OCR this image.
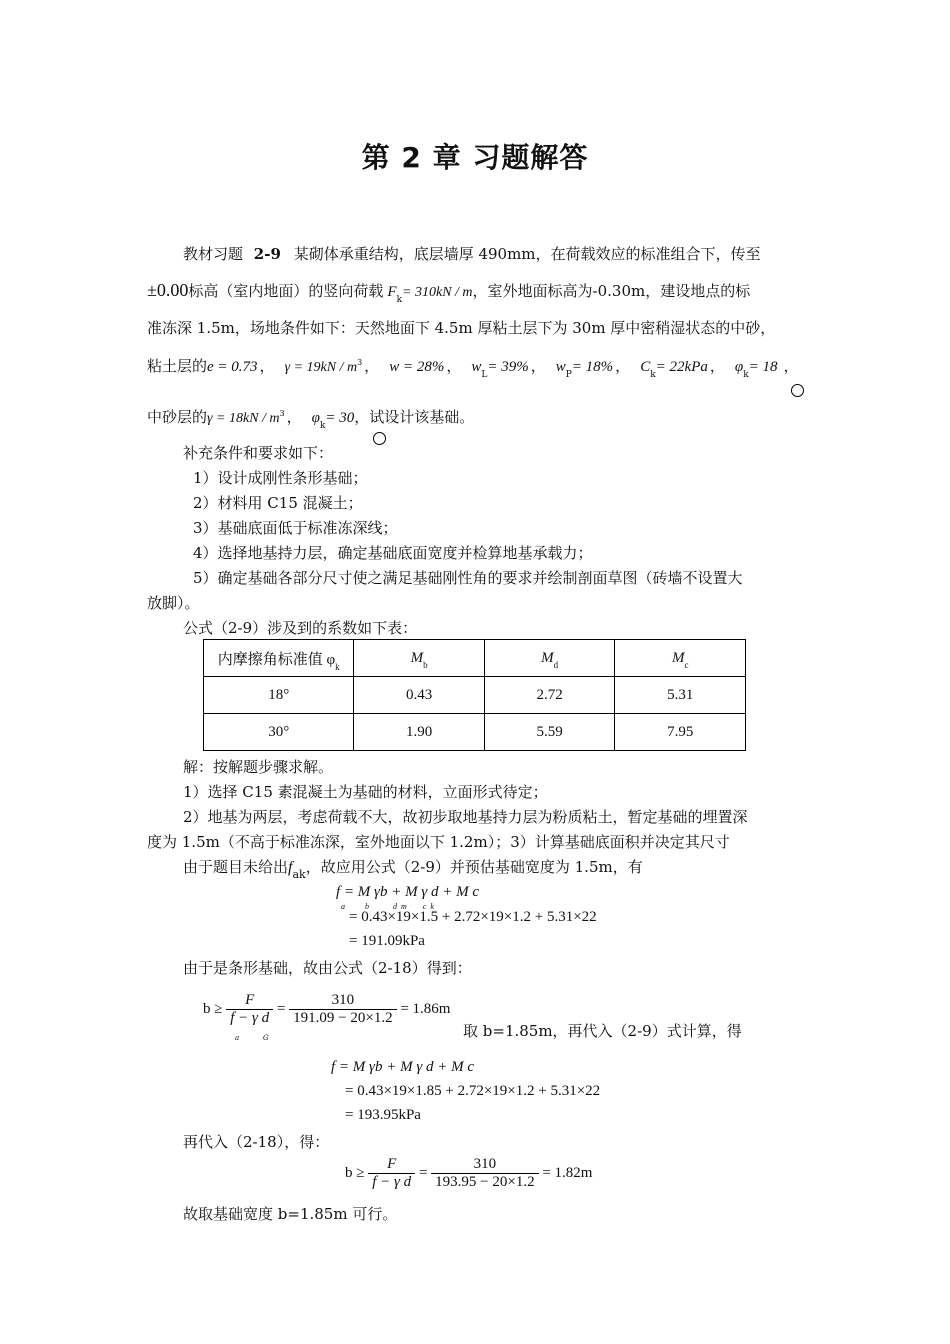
第 2 章 习题解答
教材习题 2-9 某砌体承重结构，底层墙厚 490mm，在荷载效应的标准组合下，传至
±0.00标高（室内地面）的竖向荷载 $F_k= 310kN / m$，室外地面标高为-0.30m，建设地点的标
准冻深 1.5m，场地条件如下：天然地面下 4.5m 厚粘土层下为 30m 厚中密稍湿状态的中砂，
粘土层的e = 0.73 ， $\gamma = 19kN / m^3$ ， w = 28% ， $w_L= 39\%$ ， $w_P= 18\%$ ， $C_k= 22kPa$ ， $\varphi_k= 18$ ，
中砂层的$\gamma = 18kN / m^3$ ， $\varphi_k= 30$，试设计该基础。
补充条件和要求如下：
1）设计成刚性条形基础；
2）材料用 C15 混凝土；
3）基础底面低于标准冻深线；
4）选择地基持力层，确定基础底面宽度并检算地基承载力；
5）确定基础各部分尺寸使之满足基础刚性角的要求并绘制剖面草图（砖墙不设置大
放脚）。
公式（2-9）涉及到的系数如下表：
内摩擦角标准值 $\varphi_k$	$M_b$	$M_d$	$M_c$
18°	0.43	2.72	5.31
30°	1.90	5.59	7.95
解：按解题步骤求解。
1）选择 C15 素混凝土为基础的材料，立面形式待定；
2）地基为两层，考虑荷载不大，故初步取地基持力层为粉质粘土，暂定基础的埋置深
度为 1.5m（不高于标准冻深，室外地面以下 1.2m）；3）计算基础底面积并决定其尺寸
由于题目未给出$f_{ak}$，故应用公式（2-9）并预估基础宽度为 1.5m，有
f = M γb + M γ d + M c
a          b            d  m        c  k
= 0.43×19×1.5 + 2.72×19×1.2 + 5.31×22
= 191.09kPa
由于是条形基础，故由公式（2-18）得到：
$b \ge \frac{F}{\text{f − γ d}} = \frac{310}{191.09 - 20\times 1.2} = 1.86m$
a	G	取 b=1.85m，再代入（2-9）式计算，得
f = M γb + M γ d + M c
= 0.43×19×1.85 + 2.72×19×1.2 + 5.31×22
= 193.95kPa
再代入（2-18），得：
$b \ge \frac{F}{\text{f − γ d}} = \frac{310}{193.95 - 20\times 1.2} = 1.82m$
故取基础宽度 b=1.85m 可行。
